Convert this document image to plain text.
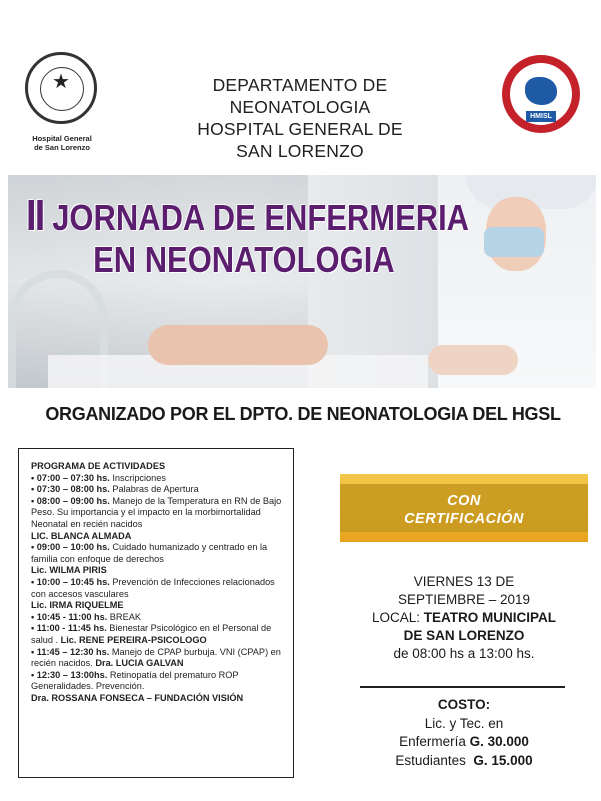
★
Hospital General
de San Lorenzo
DEPARTAMENTO DE NEONATOLOGIA
HOSPITAL GENERAL DE
SAN LORENZO
HMISL
II JORNADA DE ENFERMERIA
EN NEONATOLOGIA
ORGANIZADO POR EL DPTO. DE NEONATOLOGIA DEL HGSL

PROGRAMA DE ACTIVIDADES

• 07:00 – 07:30 hs. Inscripciones

• 07:30 – 08:00 hs. Palabras de Apertura

• 08:00 – 09:00 hs. Manejo de la Temperatura en RN de Bajo Peso. Su importancia y el impacto en la morbimortalidad Neonatal en recién nacidos

LIC. BLANCA ALMADA

• 09:00 – 10:00 hs. Cuidado humanizado y centrado en la familia con enfoque de derechos

Lic. WILMA PIRIS

• 10:00 – 10:45 hs. Prevención de Infecciones relacionados con accesos vasculares

Lic. IRMA RIQUELME

• 10:45 - 11:00 hs. BREAK

• 11:00 - 11:45 hs. Bienestar Psicológico en el Personal de salud . Lic. RENE PEREIRA-PSICOLOGO

• 11:45 – 12:30 hs. Manejo de CPAP burbuja. VNI (CPAP) en recién nacidos. Dra. LUCIA GALVAN

• 12:30 – 13:00hs. Retinopatía del prematuro ROP Generalidades. Prevención.

Dra. ROSSANA FONSECA – FUNDACIÓN VISIÓN

CON
CERTIFICACIÓN
VIERNES 13 DE
SEPTIEMBRE – 2019
LOCAL: TEATRO MUNICIPAL
DE SAN LORENZO
de 08:00 hs a 13:00 hs.
COSTO:
Lic. y Tec. en
Enfermería G. 30.000
Estudiantes  G. 15.000
